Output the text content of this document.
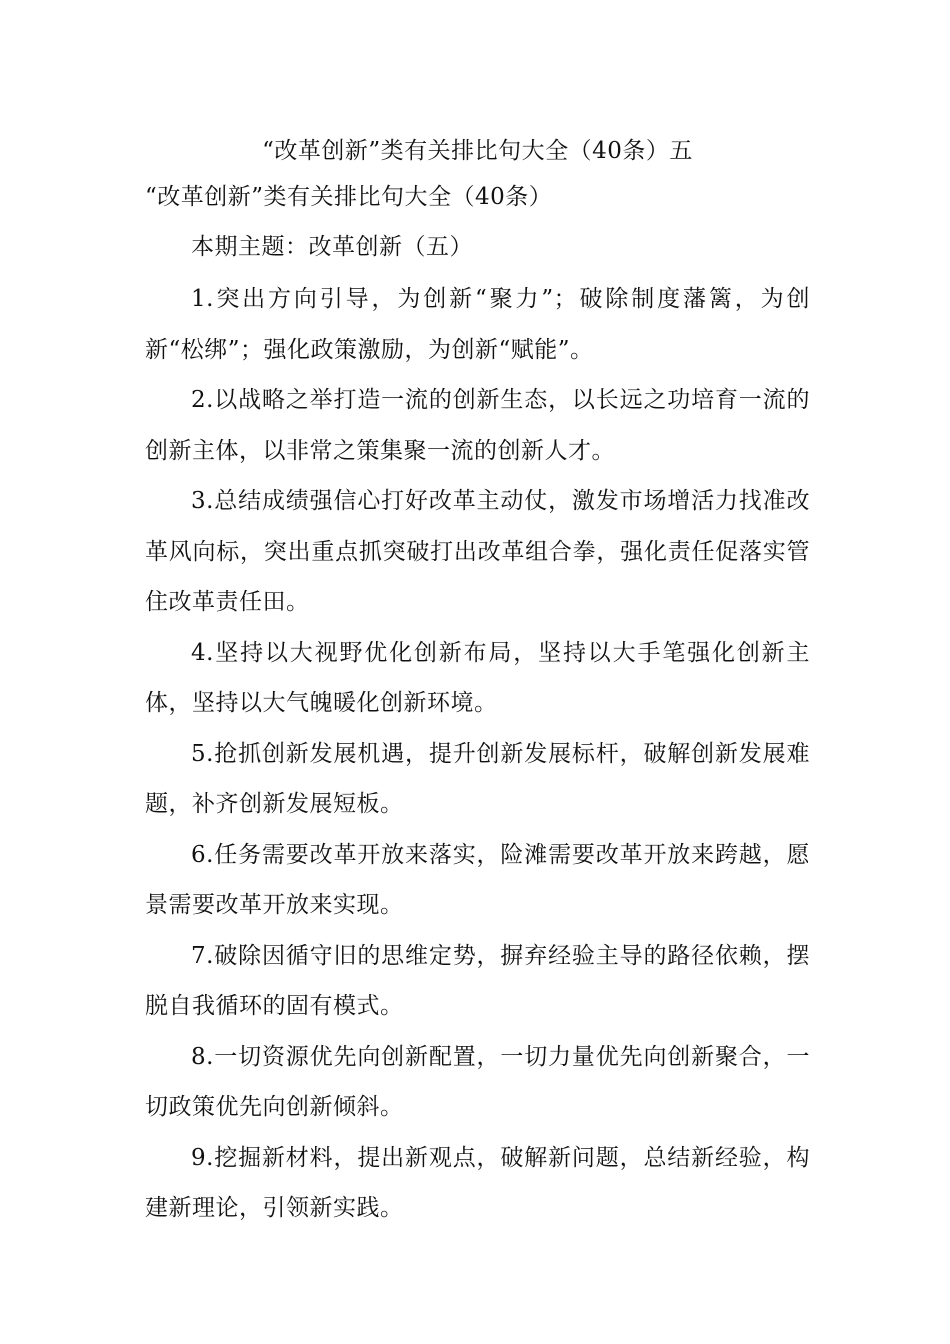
“改革创新”类有关排比句大全（40条）五

“改革创新”类有关排比句大全（40条）

本期主题：改革创新（五）

1.突出方向引导，为创新“聚力”；破除制度藩篱，为创新“松绑”；强化政策激励，为创新“赋能”。

2.以战略之举打造一流的创新生态，以长远之功培育一流的创新主体，以非常之策集聚一流的创新人才。

3.总结成绩强信心打好改革主动仗，激发市场增活力找准改革风向标，突出重点抓突破打出改革组合拳，强化责任促落实管住改革责任田。

4.坚持以大视野优化创新布局，坚持以大手笔强化创新主体，坚持以大气魄暖化创新环境。

5.抢抓创新发展机遇，提升创新发展标杆，破解创新发展难题，补齐创新发展短板。

6.任务需要改革开放来落实，险滩需要改革开放来跨越，愿景需要改革开放来实现。

7.破除因循守旧的思维定势，摒弃经验主导的路径依赖，摆脱自我循环的固有模式。

8.一切资源优先向创新配置，一切力量优先向创新聚合，一切政策优先向创新倾斜。

9.挖掘新材料，提出新观点，破解新问题，总结新经验，构建新理论，引领新实践。
